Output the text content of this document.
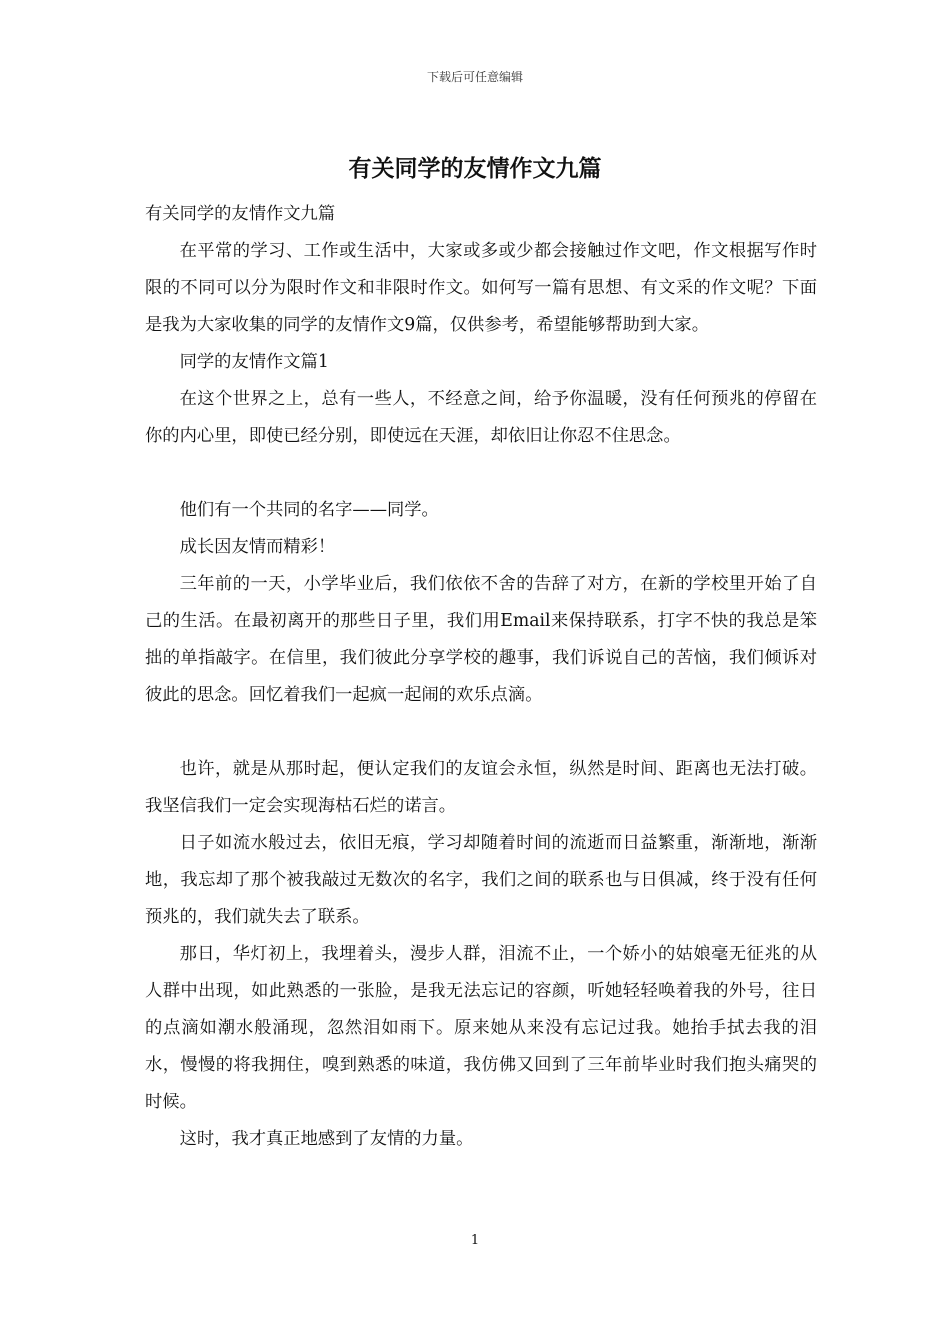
下载后可任意编辑
有关同学的友情作文九篇

有关同学的友情作文九篇

在平常的学习、工作或生活中，大家或多或少都会接触过作文吧，作文根据写作时限的不同可以分为限时作文和非限时作文。如何写一篇有思想、有文采的作文呢？下面是我为大家收集的同学的友情作文9篇，仅供参考，希望能够帮助到大家。

同学的友情作文篇1

在这个世界之上，总有一些人，不经意之间，给予你温暖，没有任何预兆的停留在你的内心里，即使已经分别，即使远在天涯，却依旧让你忍不住思念。

他们有一个共同的名字——同学。

成长因友情而精彩！

三年前的一天，小学毕业后，我们依依不舍的告辞了对方，在新的学校里开始了自己的生活。在最初离开的那些日子里，我们用Email来保持联系，打字不快的我总是笨拙的单指敲字。在信里，我们彼此分享学校的趣事，我们诉说自己的苦恼，我们倾诉对彼此的思念。回忆着我们一起疯一起闹的欢乐点滴。

也许，就是从那时起，便认定我们的友谊会永恒，纵然是时间、距离也无法打破。我坚信我们一定会实现海枯石烂的诺言。

日子如流水般过去，依旧无痕，学习却随着时间的流逝而日益繁重，渐渐地，渐渐地，我忘却了那个被我敲过无数次的名字，我们之间的联系也与日俱减，终于没有任何预兆的，我们就失去了联系。

那日，华灯初上，我埋着头，漫步人群，泪流不止，一个娇小的姑娘毫无征兆的从人群中出现，如此熟悉的一张脸，是我无法忘记的容颜，听她轻轻唤着我的外号，往日的点滴如潮水般涌现，忽然泪如雨下。原来她从来没有忘记过我。她抬手拭去我的泪水，慢慢的将我拥住，嗅到熟悉的味道，我仿佛又回到了三年前毕业时我们抱头痛哭的时候。

这时，我才真正地感到了友情的力量。

1
